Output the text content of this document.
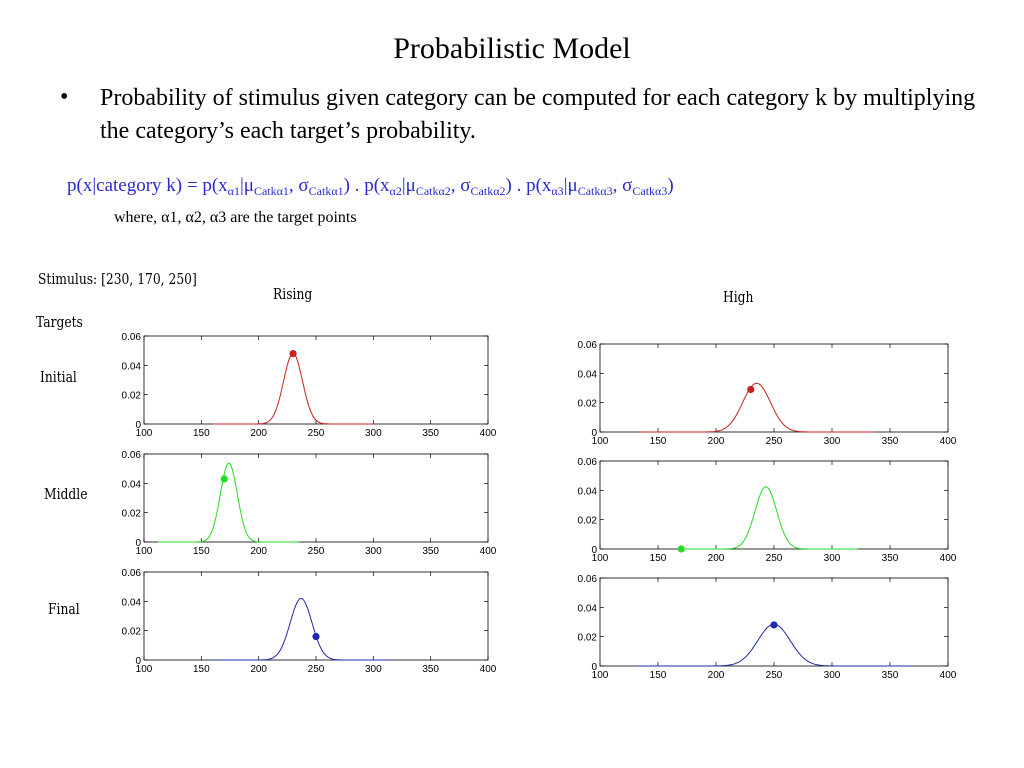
Probabilistic Model
• Probability of stimulus given category can be computed for each category k by multiplying the category’s each target’s probability.
p(x|category $k) = p(x_{\alpha 1}|\mu_{Catk\alpha 1}$, $\sigma_{Catk\alpha 1}$) . $p(x_{\alpha 2}|\mu_{Catk\alpha 2}$, $\sigma_{Catk\alpha 2}$) . $p(x_{\alpha 3}|\mu_{Catk\alpha 3}$, $\sigma_{Catk\alpha 3}$)
where, α1, α2, α3 are the target points
Stimulus: [230, 170, 250]
Targets
Rising	High
Initial
Middle
Final
100	150	200	250	300	350	400
0
0.02
0.04
0.06
100	150	200	250	300	350	400
0
0.02
0.04
0.06
100	150	200	250	300	350	400
0
0.02
0.04
0.06
100	150	200	250	300	350	400
0
0.02
0.04
0.06
100	150	200	250	300	350	400
0
0.02
0.04
0.06
100	150	200	250	300	350	400
0
0.02
0.04
0.06
